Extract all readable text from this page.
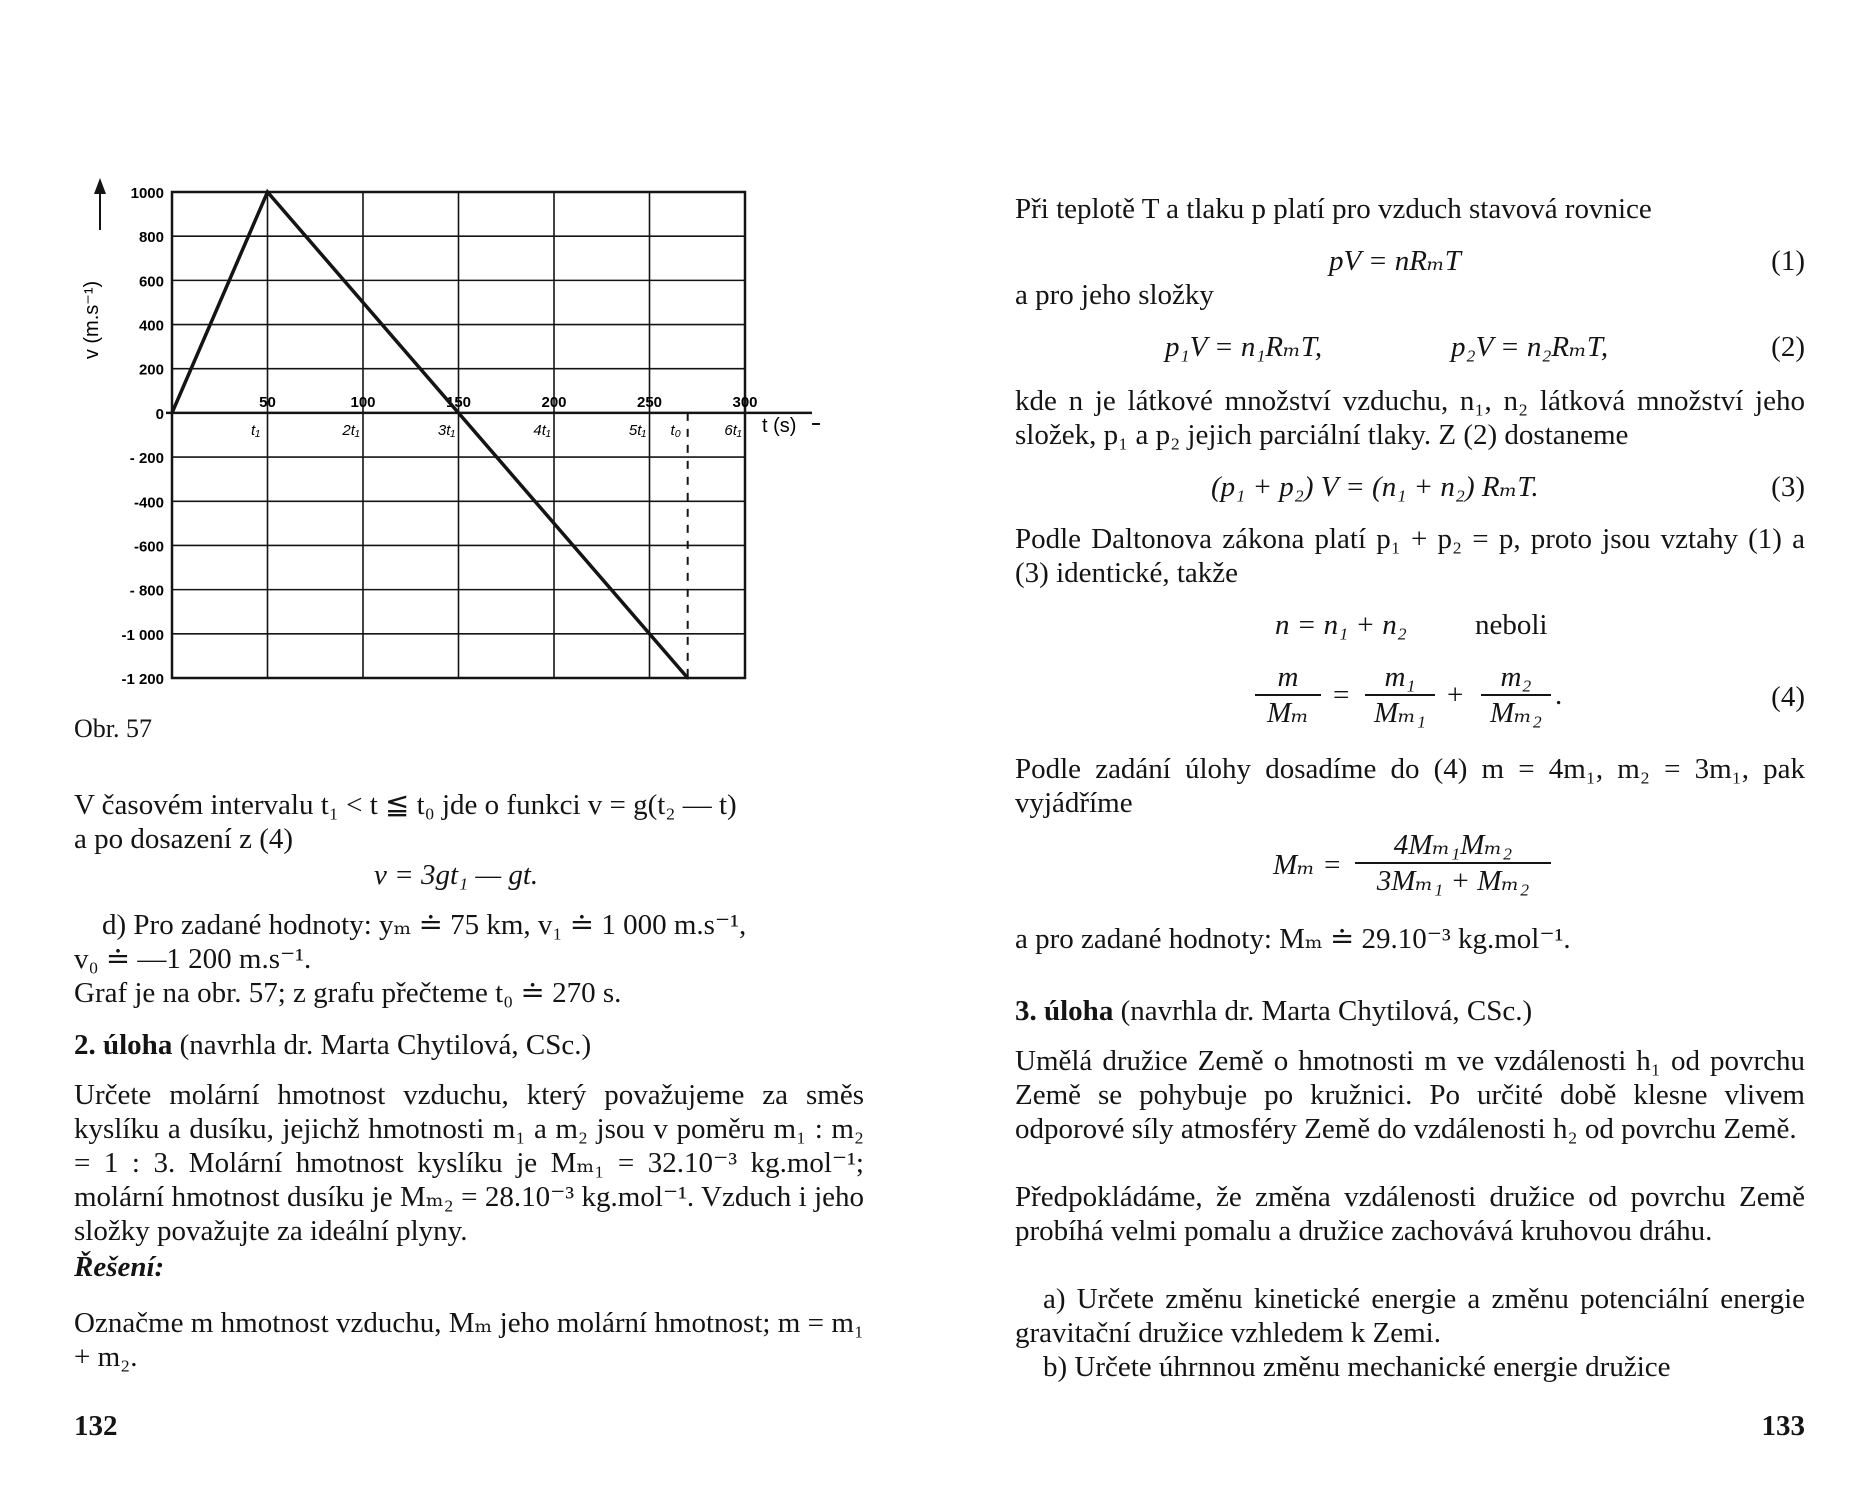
1000
800
600
400
200
0
- 200
-400
-600
- 800
-1 000
-1 200
50	100	150	200	250	300
t₁	2t₁	3t₁	4t₁	5t₁ t₀	6t₁
v (m.s⁻¹)
t (s)
Obr. 57

V časovém intervalu t₁ < t ≦ t₀ jde o funkci v = g(t₂ — t)

a po dosazení z (4)

v = 3gt₁ — gt.

d) Pro zadané hodnoty: yₘ ≐ 75 km, v₁ ≐ 1 000 m.s⁻¹,

v₀ ≐ —1 200 m.s⁻¹.

Graf je na obr. 57; z grafu přečteme t₀ ≐ 270 s.

2. úloha (navrhla dr. Marta Chytilová, CSc.)

Určete molární hmotnost vzduchu, který považujeme za směs kyslíku a dusíku, jejichž hmotnosti m₁ a m₂ jsou v poměru m₁ : m₂ = 1 : 3. Molární hmotnost kyslíku je Mₘ₁ = 32.10⁻³ kg.mol⁻¹; molární hmotnost dusíku je Mₘ₂ = 28.10⁻³ kg.mol⁻¹. Vzduch i jeho složky považujte za ideální plyny.

Řešení:

Označme m hmotnost vzduchu, Mₘ jeho molární hmotnost; m = m₁ + m₂.

132

Při teplotě T a tlaku p platí pro vzduch stavová rovnice

pV = nRₘT	(1)

a pro jeho složky

p₁V = n₁RₘT,	p₂V = n₂RₘT,	(2)

kde n je látkové množství vzduchu, n₁, n₂ látková množství jeho složek, p₁ a p₂ jejich parciální tlaky. Z (2) dostaneme

(p₁ + p₂) V = (n₁ + n₂) RₘT.	(3)

Podle Daltonova zákona platí p₁ + p₂ = p, proto jsou vztahy (1) a (3) identické, takže

n = n₁ + n₂ neboli
$\frac{m}{\text{Mₘ}} = \frac{\text{m₁}}{\text{Mₘ₁}} + \frac{\text{m₂}}{\text{Mₘ₂}}$ .	(4)

Podle zadání úlohy dosadíme do (4) m = 4m₁, m₂ = 3m₁, pak vyjádříme

$M_m = \frac{\text{4Mₘ₁Mₘ₂}}{\text{3Mₘ₁ + Mₘ₂}}$

a pro zadané hodnoty: Mₘ ≐ 29.10⁻³ kg.mol⁻¹.

3. úloha (navrhla dr. Marta Chytilová, CSc.)

Umělá družice Země o hmotnosti m ve vzdálenosti h₁ od povrchu Země se pohybuje po kružnici. Po určité době klesne vlivem odporové síly atmosféry Země do vzdálenosti h₂ od povrchu Země.

Předpokládáme, že změna vzdálenosti družice od povrchu Země probíhá velmi pomalu a družice zachovává kruhovou dráhu.

a) Určete změnu kinetické energie a změnu potenciální energie gravitační družice vzhledem k Zemi.

b) Určete úhrnnou změnu mechanické energie družice

133
